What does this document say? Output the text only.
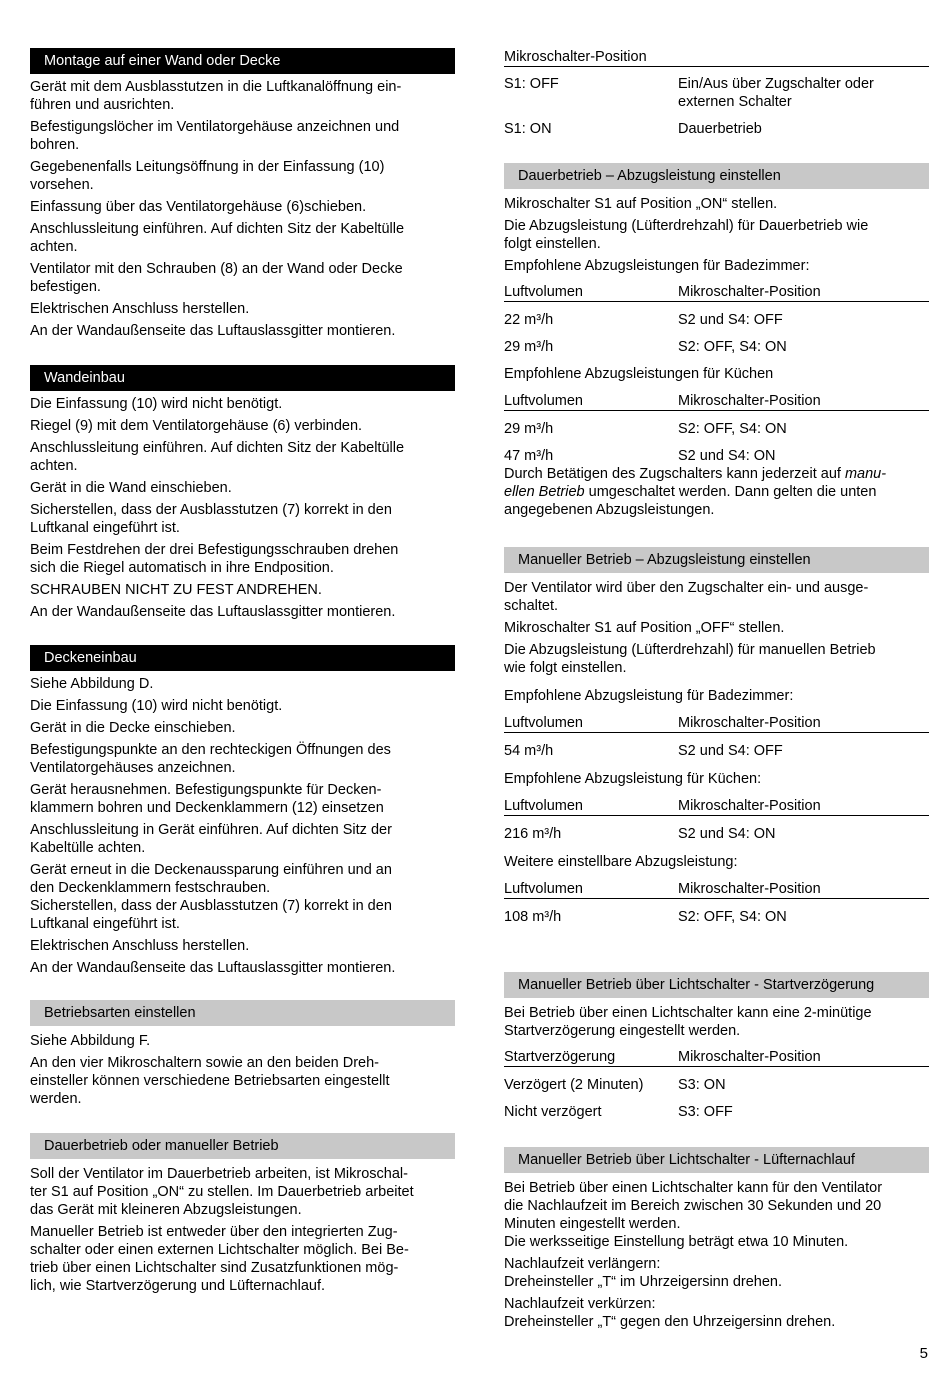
Montage auf einer Wand oder Decke

Gerät mit dem Ausblasstutzen in die Luftkanalöffnung ein-
führen und ausrichten.

Befestigungslöcher im Ventilatorgehäuse anzeichnen und
bohren.

Gegebenenfalls Leitungsöffnung in der Einfassung (10)
vorsehen.

Einfassung über das Ventilatorgehäuse (6)schieben.

Anschlussleitung einführen. Auf dichten Sitz der Kabeltülle
achten.

Ventilator mit den Schrauben (8) an der Wand oder Decke
befestigen.

Elektrischen Anschluss herstellen.

An der Wandaußenseite das Luftauslassgitter montieren.

Wandeinbau

Die Einfassung (10) wird nicht benötigt.

Riegel (9) mit dem Ventilatorgehäuse (6) verbinden.

Anschlussleitung einführen. Auf dichten Sitz der Kabeltülle
achten.

Gerät in die Wand einschieben.

Sicherstellen, dass der Ausblasstutzen (7) korrekt in den
Luftkanal eingeführt ist.

Beim Festdrehen der drei Befestigungsschrauben drehen
sich die Riegel automatisch in ihre Endposition.

SCHRAUBEN NICHT ZU FEST ANDREHEN.

An der Wandaußenseite das Luftauslassgitter montieren.

Deckeneinbau

Siehe Abbildung D.

Die Einfassung (10) wird nicht benötigt.

Gerät in die Decke einschieben.

Befestigungspunkte an den rechteckigen Öffnungen des
Ventilatorgehäuses anzeichnen.

Gerät herausnehmen. Befestigungspunkte für Decken-
klammern bohren und Deckenklammern (12) einsetzen

Anschlussleitung in Gerät einführen. Auf dichten Sitz der
Kabeltülle achten.

Gerät erneut in die Deckenaussparung einführen und an
den Deckenklammern festschrauben.
Sicherstellen, dass der Ausblasstutzen (7) korrekt in den
Luftkanal eingeführt ist.

Elektrischen Anschluss herstellen.

An der Wandaußenseite das Luftauslassgitter montieren.

Betriebsarten einstellen

Siehe Abbildung F.

An den vier Mikroschaltern sowie an den beiden Dreh-
einsteller können verschiedene Betriebsarten eingestellt
werden.

Dauerbetrieb oder manueller Betrieb

Soll der Ventilator im Dauerbetrieb arbeiten, ist Mikroschal-
ter S1 auf Position „ON“ zu stellen. Im Dauerbetrieb arbeitet
das Gerät mit kleineren Abzugsleistungen.

Manueller Betrieb ist entweder über den integrierten Zug-
schalter oder einen externen Lichtschalter möglich. Bei Be-
trieb über einen Lichtschalter sind Zusatzfunktionen mög-
lich, wie Startverzögerung und Lüfternachlauf.

Mikroschalter-Position
S1: OFF	Ein/Aus über Zugschalter oder
externen Schalter
S1: ON	Dauerbetrieb
Dauerbetrieb – Abzugsleistung einstellen

Mikroschalter S1 auf Position „ON“ stellen.

Die Abzugsleistung (Lüfterdrehzahl) für Dauerbetrieb wie
folgt einstellen.

Empfohlene Abzugsleistungen für Badezimmer:

Luftvolumen	Mikroschalter-Position
22 m³/h	S2 und S4: OFF
29 m³/h	S2: OFF, S4: ON

Empfohlene Abzugsleistungen für Küchen

Luftvolumen	Mikroschalter-Position
29 m³/h	S2: OFF, S4: ON
47 m³/h	S2 und S4: ON

Durch Betätigen des Zugschalters kann jederzeit auf manu-
ellen Betrieb umgeschaltet werden. Dann gelten die unten
angegebenen Abzugsleistungen.

Manueller Betrieb – Abzugsleistung einstellen

Der Ventilator wird über den Zugschalter ein- und ausge-
schaltet.

Mikroschalter S1 auf Position „OFF“ stellen.

Die Abzugsleistung (Lüfterdrehzahl) für manuellen Betrieb
wie folgt einstellen.

Empfohlene Abzugsleistung für Badezimmer:

Luftvolumen	Mikroschalter-Position
54 m³/h	S2 und S4: OFF

Empfohlene Abzugsleistung für Küchen:

Luftvolumen	Mikroschalter-Position
216 m³/h	S2 und S4: ON

Weitere einstellbare Abzugsleistung:

Luftvolumen	Mikroschalter-Position
108 m³/h	S2: OFF, S4: ON
Manueller Betrieb über Lichtschalter - Startverzögerung

Bei Betrieb über einen Lichtschalter kann eine 2-minütige
Startverzögerung eingestellt werden.

Startverzögerung	Mikroschalter-Position
Verzögert (2 Minuten)	S3: ON
Nicht verzögert	S3: OFF
Manueller Betrieb über Lichtschalter - Lüfternachlauf

Bei Betrieb über einen Lichtschalter kann für den Ventilator
die Nachlaufzeit im Bereich zwischen 30 Sekunden und 20
Minuten eingestellt werden.
Die werksseitige Einstellung beträgt etwa 10 Minuten.

Nachlaufzeit verlängern:
Dreheinsteller „T“ im Uhrzeigersinn drehen.

Nachlaufzeit verkürzen:
Dreheinsteller „T“ gegen den Uhrzeigersinn drehen.

5
